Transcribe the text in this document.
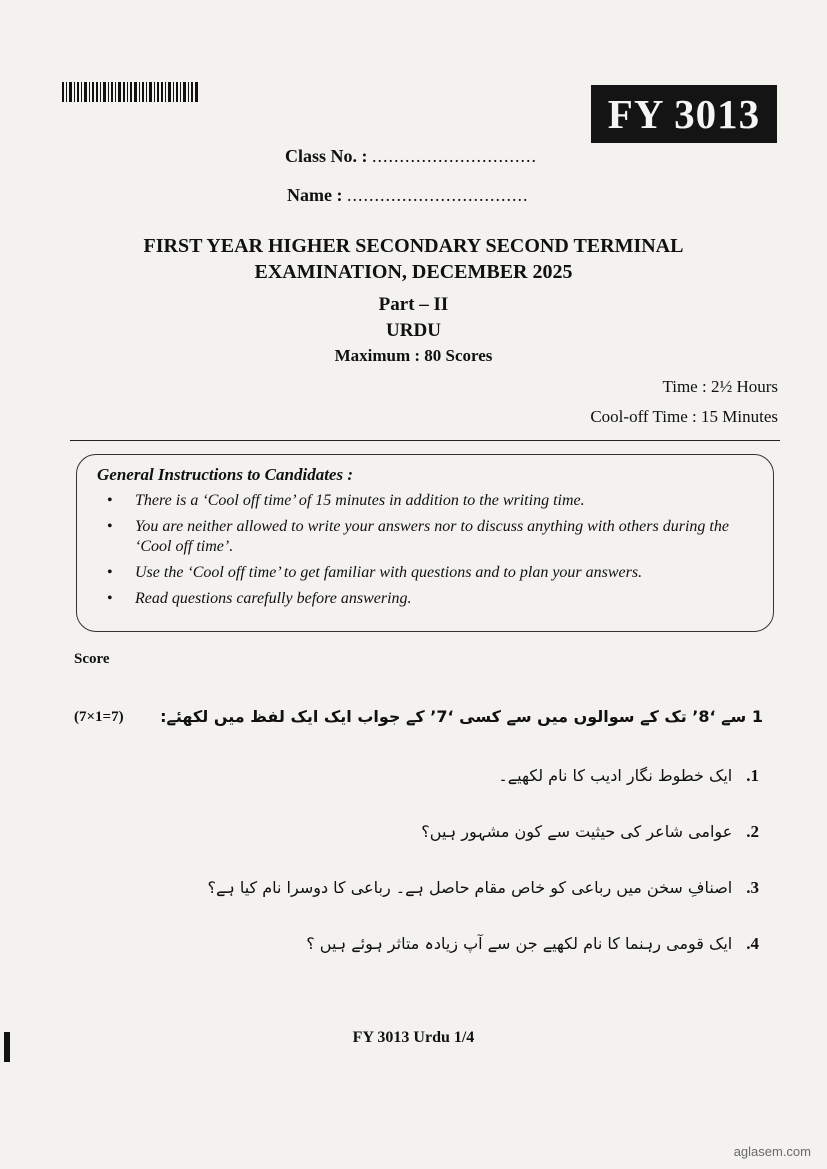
FY 3013
Class No. : ..............................
Name : .................................
FIRST YEAR HIGHER SECONDARY SECOND TERMINAL
EXAMINATION, DECEMBER 2025
Part – II
URDU
Maximum : 80 Scores
Time : 2½ Hours
Cool-off Time : 15 Minutes
General Instructions to Candidates :
• There is a ‘Cool off time’ of 15 minutes in addition to the writing time.
• You are neither allowed to write your answers nor to discuss anything with others during the ‘Cool off time’.
• Use the ‘Cool off time’ to get familiar with questions and to plan your answers.
• Read questions carefully before answering.
Score
(7×1=7) 1 سے ‘8’ تک کے سوالوں میں سے کسی ‘7’ کے جواب ایک ایک لفظ میں لکھئے:
1.ایک خطوط نگار ادیب کا نام لکھیے۔
2.عوامی شاعر کی حیثیت سے کون مشہور ہیں؟
3.اصنافِ سخن میں رباعی کو خاص مقام حاصل ہے۔ رباعی کا دوسرا نام کیا ہے؟
4.ایک قومی رہنما کا نام لکھیے جن سے آپ زیادہ متاثر ہوئے ہیں ؟
FY 3013 Urdu 1/4
aglasem.com
